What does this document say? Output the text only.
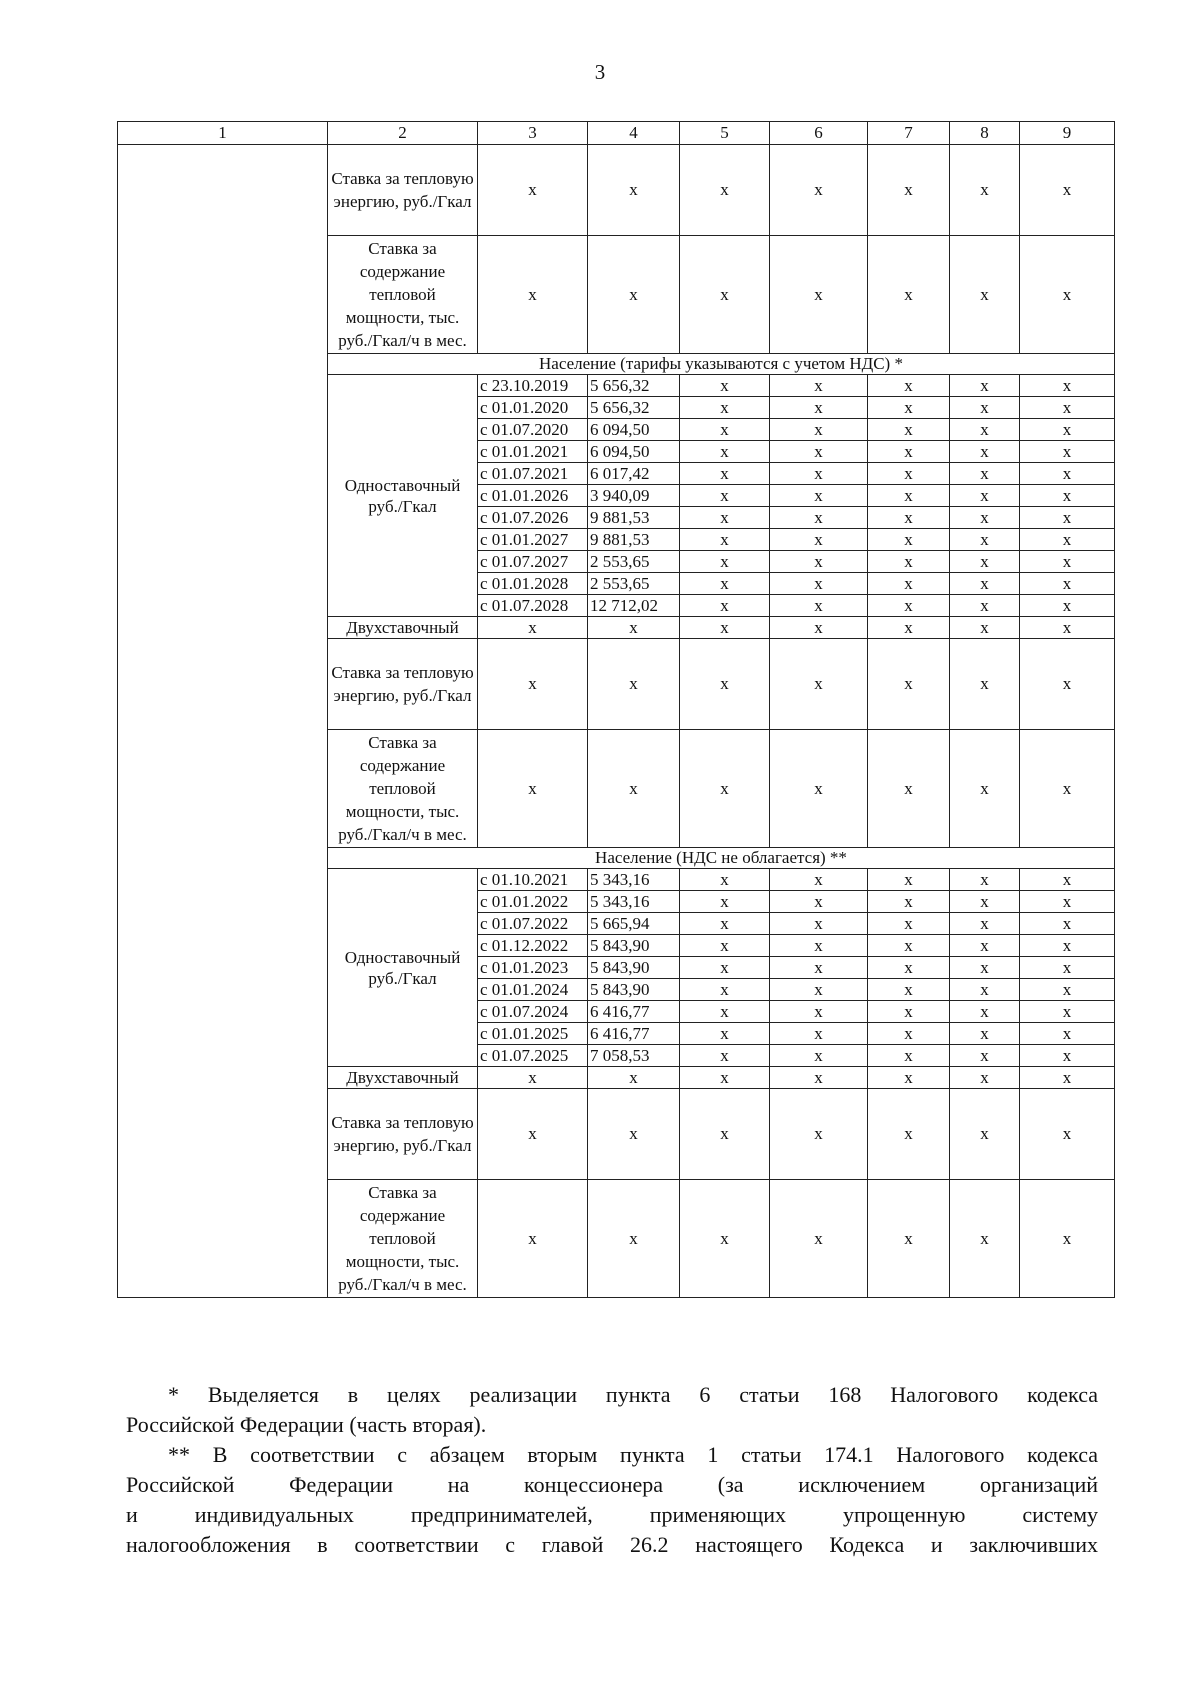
3
1	2	3	4	5	6	7	8	9
	Ставка за тепловую энергию, руб./Гкал	x	x	x	x	x	x	x
	Ставка за содержание тепловой мощности, тыс. руб./Гкал/ч в мес.	x	x	x	x	x	x	x
	Население (тарифы указываются с учетом НДС) *							
	Одноставочный руб./Гкал	с 23.10.2019	5 656,32	x	x	x	x	x
		с 01.01.2020	5 656,32	x	x	x	x	x
		с 01.07.2020	6 094,50	x	x	x	x	x
		с 01.01.2021	6 094,50	x	x	x	x	x
		с 01.07.2021	6 017,42	x	x	x	x	x
		с 01.01.2026	3 940,09	x	x	x	x	x
		с 01.07.2026	9 881,53	x	x	x	x	x
		с 01.01.2027	9 881,53	x	x	x	x	x
		с 01.07.2027	2 553,65	x	x	x	x	x
		с 01.01.2028	2 553,65	x	x	x	x	x
		с 01.07.2028	12 712,02	x	x	x	x	x
	Двухставочный	x	x	x	x	x	x	x
	Ставка за тепловую энергию, руб./Гкал	x	x	x	x	x	x	x
	Ставка за содержание тепловой мощности, тыс. руб./Гкал/ч в мес.	x	x	x	x	x	x	x
	Население (НДС не облагается) **							
	Одноставочный руб./Гкал	с 01.10.2021	5 343,16	x	x	x	x	x
		с 01.01.2022	5 343,16	x	x	x	x	x
		с 01.07.2022	5 665,94	x	x	x	x	x
		с 01.12.2022	5 843,90	x	x	x	x	x
		с 01.01.2023	5 843,90	x	x	x	x	x
		с 01.01.2024	5 843,90	x	x	x	x	x
		с 01.07.2024	6 416,77	x	x	x	x	x
		с 01.01.2025	6 416,77	x	x	x	x	x
		с 01.07.2025	7 058,53	x	x	x	x	x
	Двухставочный	x	x	x	x	x	x	x
	Ставка за тепловую энергию, руб./Гкал	x	x	x	x	x	x	x
	Ставка за содержание тепловой мощности, тыс. руб./Гкал/ч в мес.	x	x	x	x	x	x	x

* Выделяется в целях реализации пункта 6 статьи 168 Налогового кодекса

Российской Федерации (часть вторая).

** В соответствии с абзацем вторым пункта 1 статьи 174.1 Налогового кодекса

Российской Федерации на концессионера (за исключением организаций

и индивидуальных предпринимателей, применяющих упрощенную систему

налогообложения в соответствии с главой 26.2 настоящего Кодекса и заключивших
